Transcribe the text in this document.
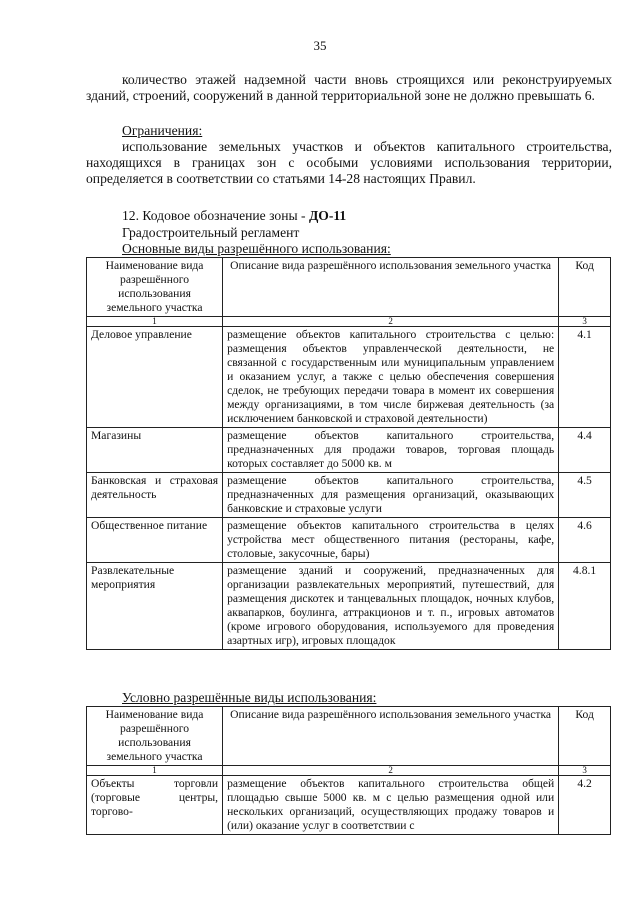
35
количество этажей надземной части вновь строящихся или реконструируемых зданий, строений, сооружений в данной территориальной зоне не должно превышать 6.
Ограничения:
использование земельных участков и объектов капитального строительства, находящихся в границах зон с особыми условиями использования территории, определяется в соответствии со статьями 14-28 настоящих Правил.
12. Кодовое обозначение зоны - ДО-11
Градостроительный регламент
Основные виды разрешённого использования:
Наименование вида разрешённого использования земельного участка	Описание вида разрешённого использования земельного участка	Код
1	2	3
Деловое управление	размещение объектов капитального строительства с целью: размещения объектов управленческой деятельности, не связанной с государственным или муниципальным управлением и оказанием услуг, а также с целью обеспечения совершения сделок, не требующих передачи товара в момент их совершения между организациями, в том числе биржевая деятельность (за исключением банковской и страховой деятельности)	4.1
Магазины	размещение объектов капитального строительства, предназначенных для продажи товаров, торговая площадь которых составляет до 5000 кв. м	4.4
Банковская и страховая деятельность	размещение объектов капитального строительства, предназначенных для размещения организаций, оказывающих банковские и страховые услуги	4.5
Общественное питание	размещение объектов капитального строительства в целях устройства мест общественного питания (рестораны, кафе, столовые, закусочные, бары)	4.6
Развлекательные мероприятия	размещение зданий и сооружений, предназначенных для организации развлекательных мероприятий, путешествий, для размещения дискотек и танцевальных площадок, ночных клубов, аквапарков, боулинга, аттракционов и т. п., игровых автоматов (кроме игрового оборудования, используемого для проведения азартных игр), игровых площадок	4.8.1
Условно разрешённые виды использования:
Наименование вида разрешённого использования земельного участка	Описание вида разрешённого использования земельного участка	Код
1	2	3
Объекты торговли (торговые центры, торгово-	размещение объектов капитального строительства общей площадью свыше 5000 кв. м с целью размещения одной или нескольких организаций, осуществляющих продажу товаров и (или) оказание услуг в соответствии с	4.2
